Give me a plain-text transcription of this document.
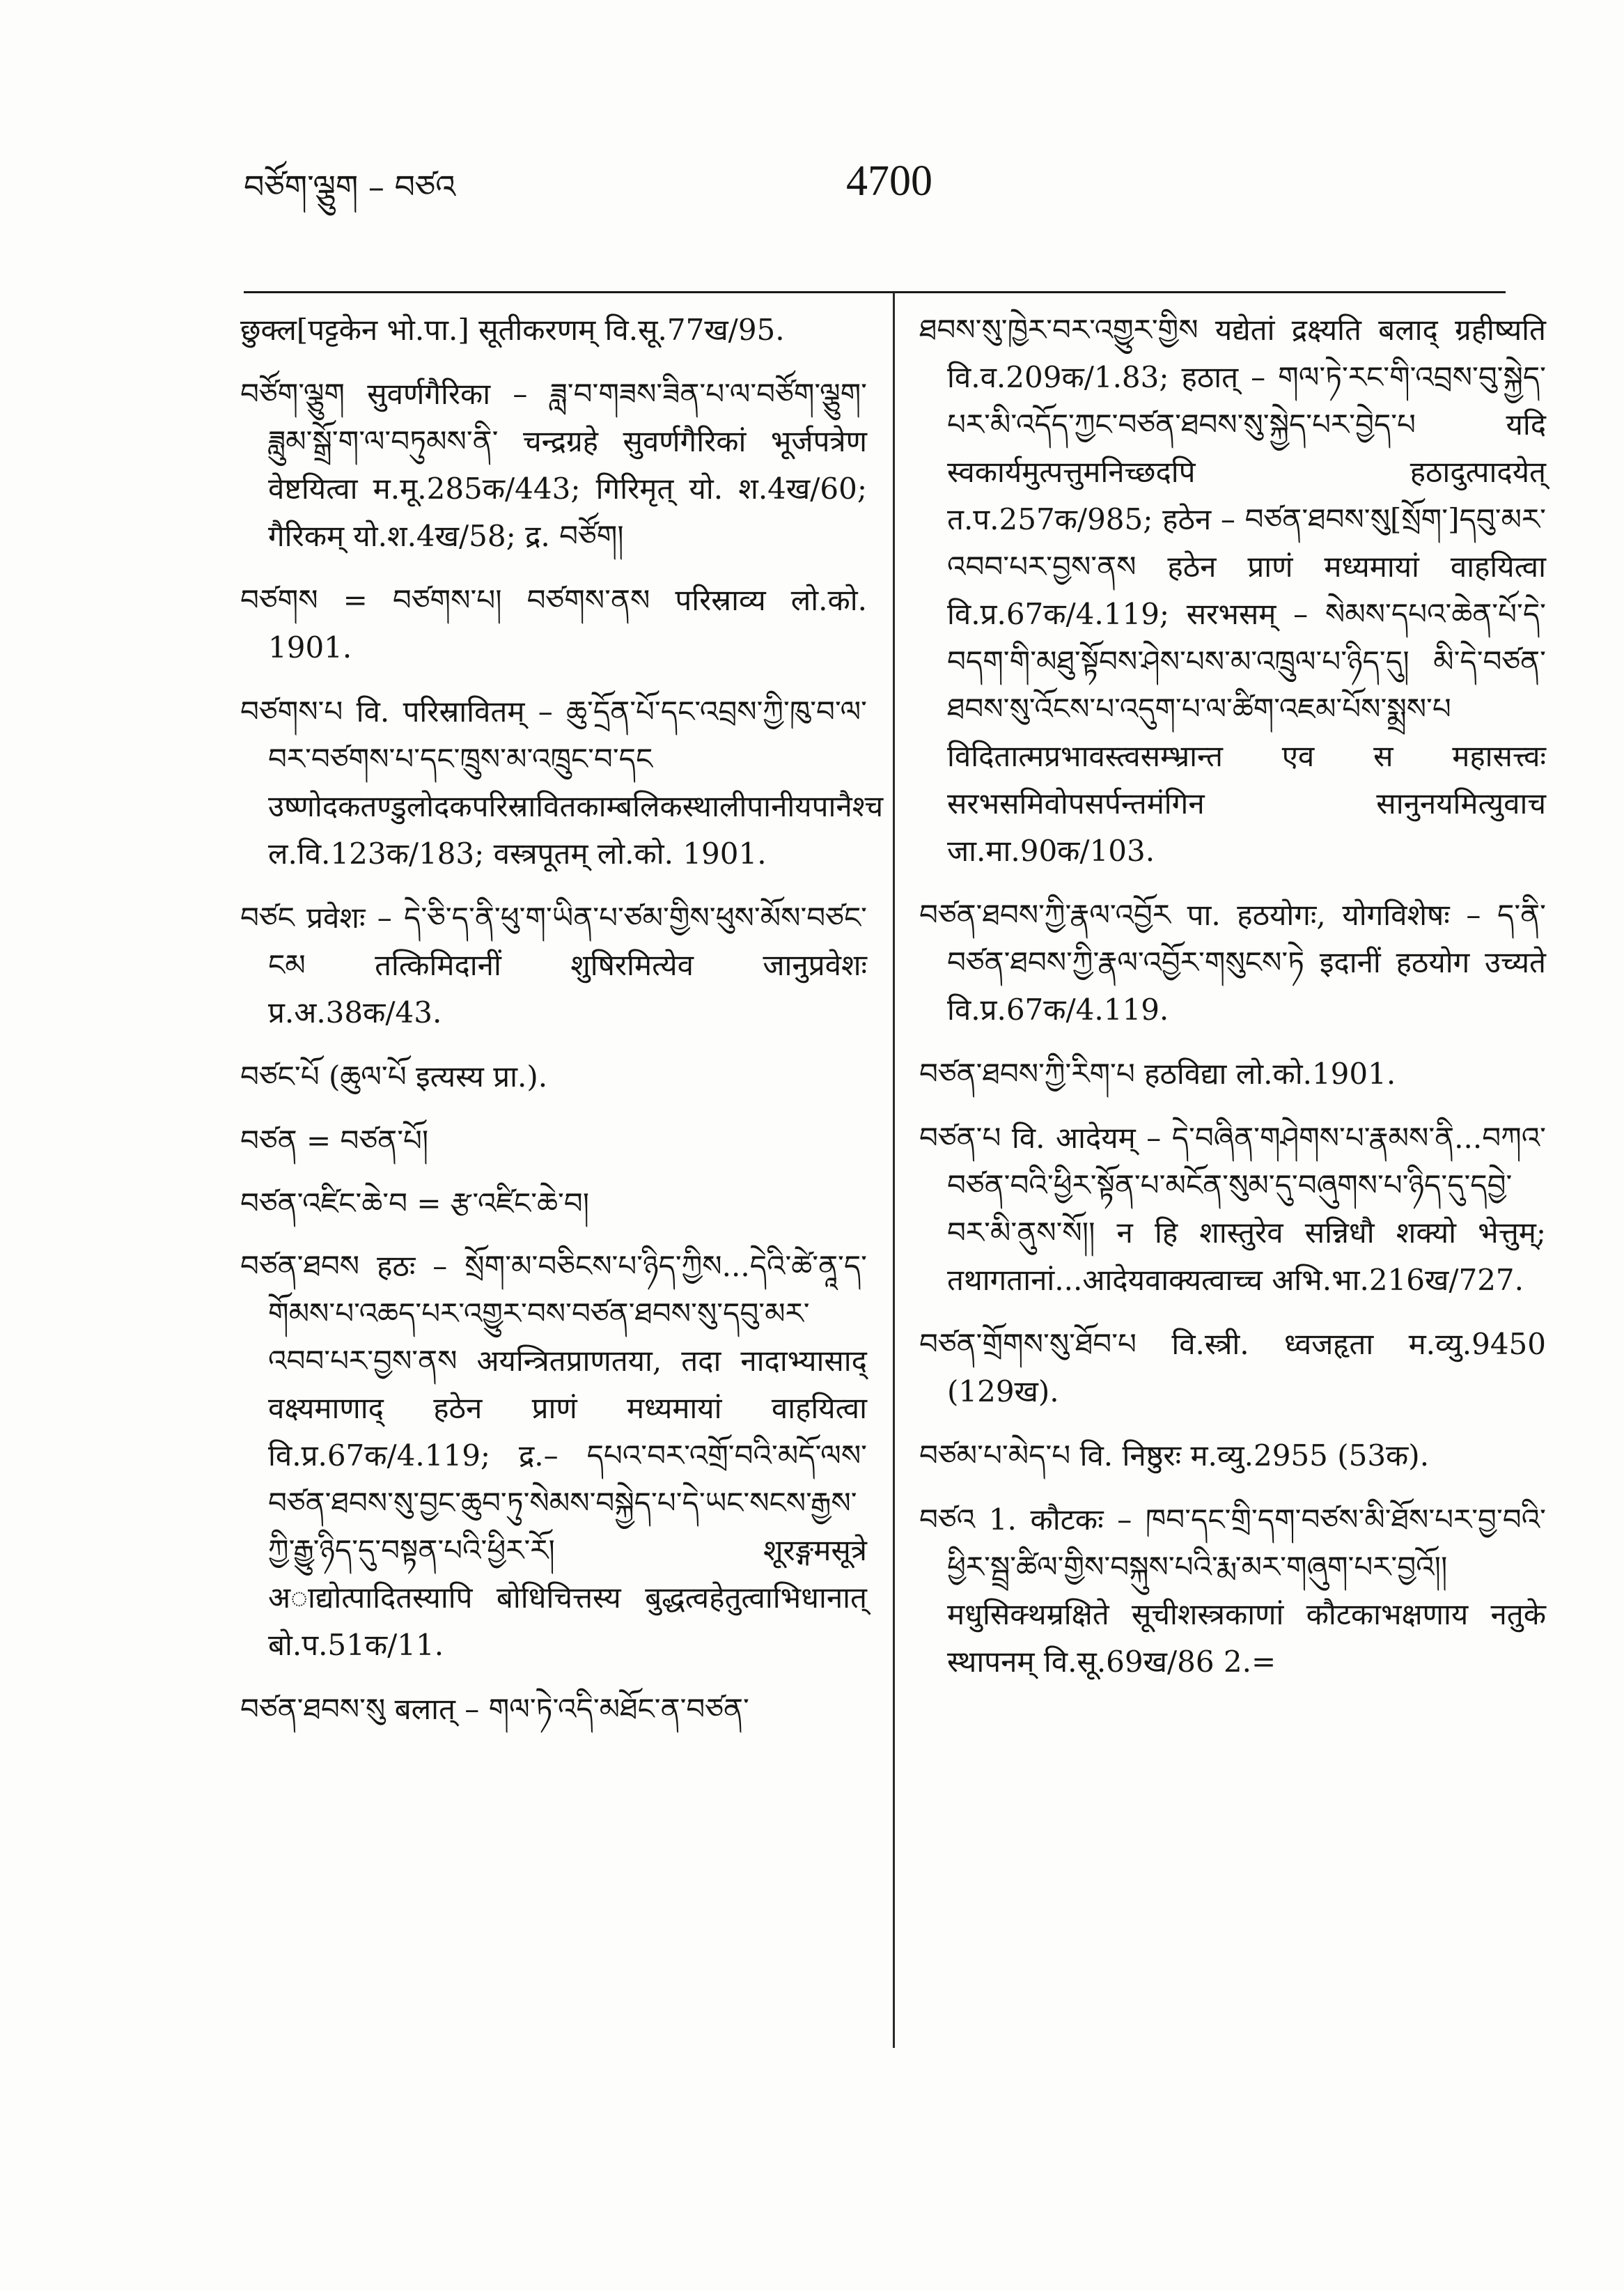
བཙོག་ལྕུག – བཙའ	4700

छुक्ल[पट्टकेन भो.पा.] सूतीकरणम् वि.सू.77ख/95.

བཙོག་ལྕུག सुवर्णगैरिका – ཟླ་བ་གཟས་ཟིན་པ་ལ་བཙོག་ལྕུག་ཟླུམ་སྒྲོ་ག་ལ་བཏུམས་ནི་ चन्द्रग्रहे सुवर्णगैरिकां भूर्जपत्रेण वेष्टयित्वा म.मू.285क/443; गिरिमृत् यो. श.4ख/60; गैरिकम् यो.श.4ख/58; द्र. བཙོག།

བཙགས = བཙགས་པ། བཙགས་ནས परिस्राव्य लो.को. 1901.

བཙགས་པ वि. परिस्रावितम् – ཆུ་དྲོན་པོ་དང་འབྲས་ཀྱི་ཁུ་བ་ལ་བར་བཙགས་པ་དང་ཁྲུས་མ་འཁྲུང་བ་དང उष्णोदकतण्डुलोदकपरिस्रावितकाम्बलिकस्थालीपानीयपानैश्च ल.वि.123क/183; वस्त्रपूतम् लो.को. 1901.

བཙང प्रवेशः – དེ་ཅི་ད་ནི་ཕུ་ག་ཡིན་པ་ཙམ་གྱིས་ཕུས་མོས་བཙང་ངམ तत्किमिदानीं शुषिरमित्येव जानुप्रवेशः प्र.अ.38क/43.

བཙང་པོ (ཆུལ་པོ इत्यस्य प्रा.).

བཙན = བཙན་པོ།

བཙན་འཛིང་ཆེ་བ = རྩ་འཛིང་ཆེ་བ།

བཙན་ཐབས हठः – སྲོག་མ་བཅིངས་པ་ཉིད་ཀྱིས...དེའི་ཚེ་ནཱ་ད་གོམས་པ་འཆད་པར་འགྱུར་བས་བཙན་ཐབས་སུ་དབུ་མར་འབབ་པར་བྱས་ནས अयन्त्रितप्राणतया, तदा नादाभ्यासाद् वक्ष्यमाणाद् हठेन प्राणं मध्यमायां वाहयित्वा वि.प्र.67क/4.119; द्र.– དཔའ་བར་འགྲོ་བའི་མདོ་ལས་བཙན་ཐབས་སུ་བྱང་ཆུབ་ཏུ་སེམས་བསྐྱེད་པ་དེ་ཡང་སངས་རྒྱས་ཀྱི་རྒྱུ་ཉིད་དུ་བསྟན་པའི་ཕྱིར་རོ། शूरङ्गमसूत्रे अाद्योत्पादितस्यापि बोधिचित्तस्य बुद्धत्वहेतुत्वाभिधानात् बो.प.51क/11.

བཙན་ཐབས་སུ बलात् – གལ་ཏེ་འདི་མཐོང་ན་བཙན་

ཐབས་སུ་ཁྱེར་བར་འགྱུར་གྱིས यद्येतां द्रक्ष्यति बलाद् ग्रहीष्यति वि.व.209क/1.83; हठात् – གལ་ཏེ་རང་གི་འབྲས་བུ་སྐྱེད་པར་མི་འདོད་ཀྱང་བཙན་ཐབས་སུ་སྐྱེད་པར་བྱེད་པ यदि स्वकार्यमुत्पत्तुमनिच्छदपि हठादुत्पादयेत् त.प.257क/985; हठेन – བཙན་ཐབས་སུ[སྲོག་]དབུ་མར་འབབ་པར་བྱས་ནས हठेन प्राणं मध्यमायां वाहयित्वा वि.प्र.67क/4.119; सरभसम् – སེམས་དཔའ་ཆེན་པོ་དེ་བདག་གི་མཐུ་སྟོབས་ཤེས་པས་མ་འཁྲུལ་པ་ཉིད་དུ། མི་དེ་བཙན་ཐབས་སུ་འོངས་པ་འདུག་པ་ལ་ཚིག་འཇམ་པོས་སྨྲས་པ विदितात्मप्रभावस्त्वसम्भ्रान्त एव स महासत्त्वः सरभसमिवोपसर्पन्तमंगिन सानुनयमित्युवाच जा.मा.90क/103.

བཙན་ཐབས་ཀྱི་རྣལ་འབྱོར पा. हठयोगः, योगविशेषः – ད་ནི་བཙན་ཐབས་ཀྱི་རྣལ་འབྱོར་གསུངས་ཏེ इदानीं हठयोग उच्यते वि.प्र.67क/4.119.

བཙན་ཐབས་ཀྱི་རིག་པ हठविद्या लो.को.1901.

བཙན་པ वि. आदेयम् – དེ་བཞིན་གཤེགས་པ་རྣམས་ནི...བཀའ་བཙན་བའི་ཕྱིར་སྟོན་པ་མངོན་སུམ་དུ་བཞུགས་པ་ཉིད་དུ་དབྱེ་བར་མི་ནུས་སོ།། न हि शास्तुरेव सन्निधौ शक्यो भेत्तुम्; तथागतानां...आदेयवाक्यत्वाच्च अभि.भा.216ख/727.

བཙན་གྲོགས་སུ་ཐོབ་པ वि.स्त्री. ध्वजहृता म.व्यु.9450 (129ख).

བཙམ་པ་མེད་པ वि. निष्ठुरः म.व्यु.2955 (53क).

བཙའ 1. कौटकः – ཁབ་དང་གྲི་དག་བཙས་མི་ཐོས་པར་བྱ་བའི་ཕྱིར་སྦྲ་ཚིལ་གྱིས་བསྐུས་པའི་རྨ་མར་གཞུག་པར་བྱའོ།། मधुसिक्थम्रक्षिते सूचीशस्त्रकाणां कौटकाभक्षणाय नतुके स्थापनम् वि.सू.69ख/86 2.=
